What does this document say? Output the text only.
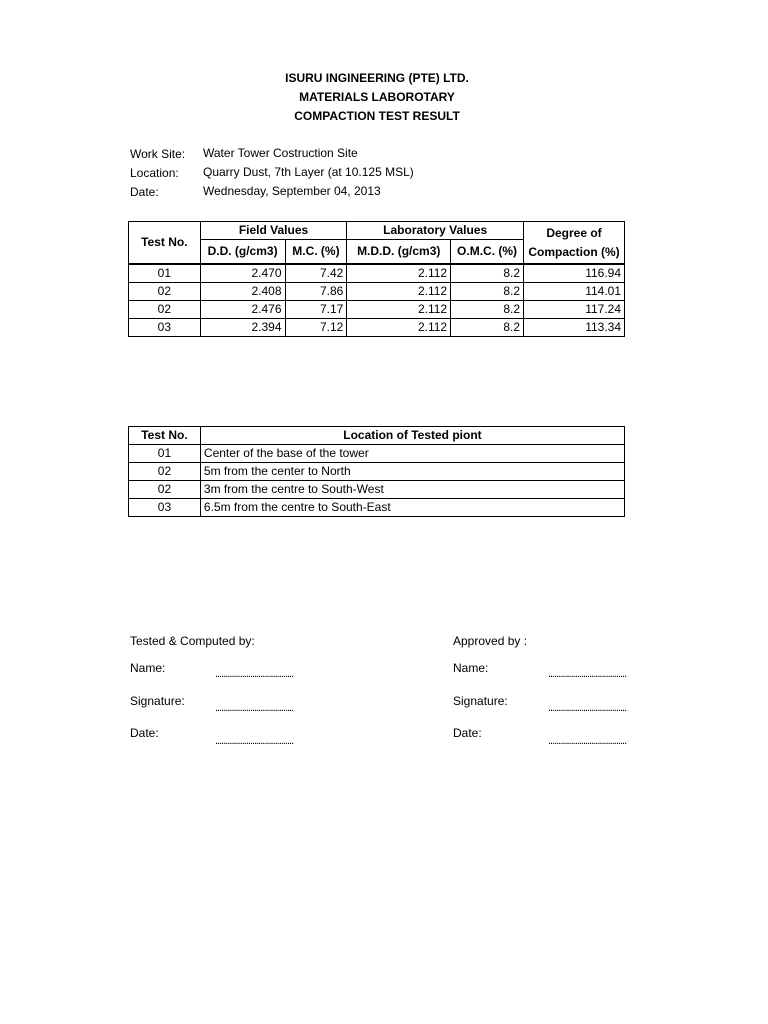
ISURU INGINEERING (PTE) LTD.
MATERIALS LABOROTARY
COMPACTION TEST RESULT
Work Site: Water Tower Costruction Site
Location: Quarry Dust, 7th Layer (at 10.125 MSL)
Date:	Wednesday, September 04, 2013
Test No.	Field Values		Laboratory Values		Degree of
Compaction (%)

	D.D. (g/cm3)	M.C. (%)	M.D.D. (g/cm3)	O.M.C. (%)	
01	2.470	7.42	2.112	8.2	116.94
02	2.408	7.86	2.112	8.2	114.01
02	2.476	7.17	2.112	8.2	117.24
03	2.394	7.12	2.112	8.2	113.34
Test No.	Location of Tested piont
01	Center of the base of the tower
02	5m from the center to North
02	3m from the centre to South-West
03	6.5m from the centre to South-East
Tested & Computed by:
Name:	......................................
Signature:	......................................
Date:
......................................
Approved by :
Name:	......................................
Signature:	......................................
Date:
......................................
